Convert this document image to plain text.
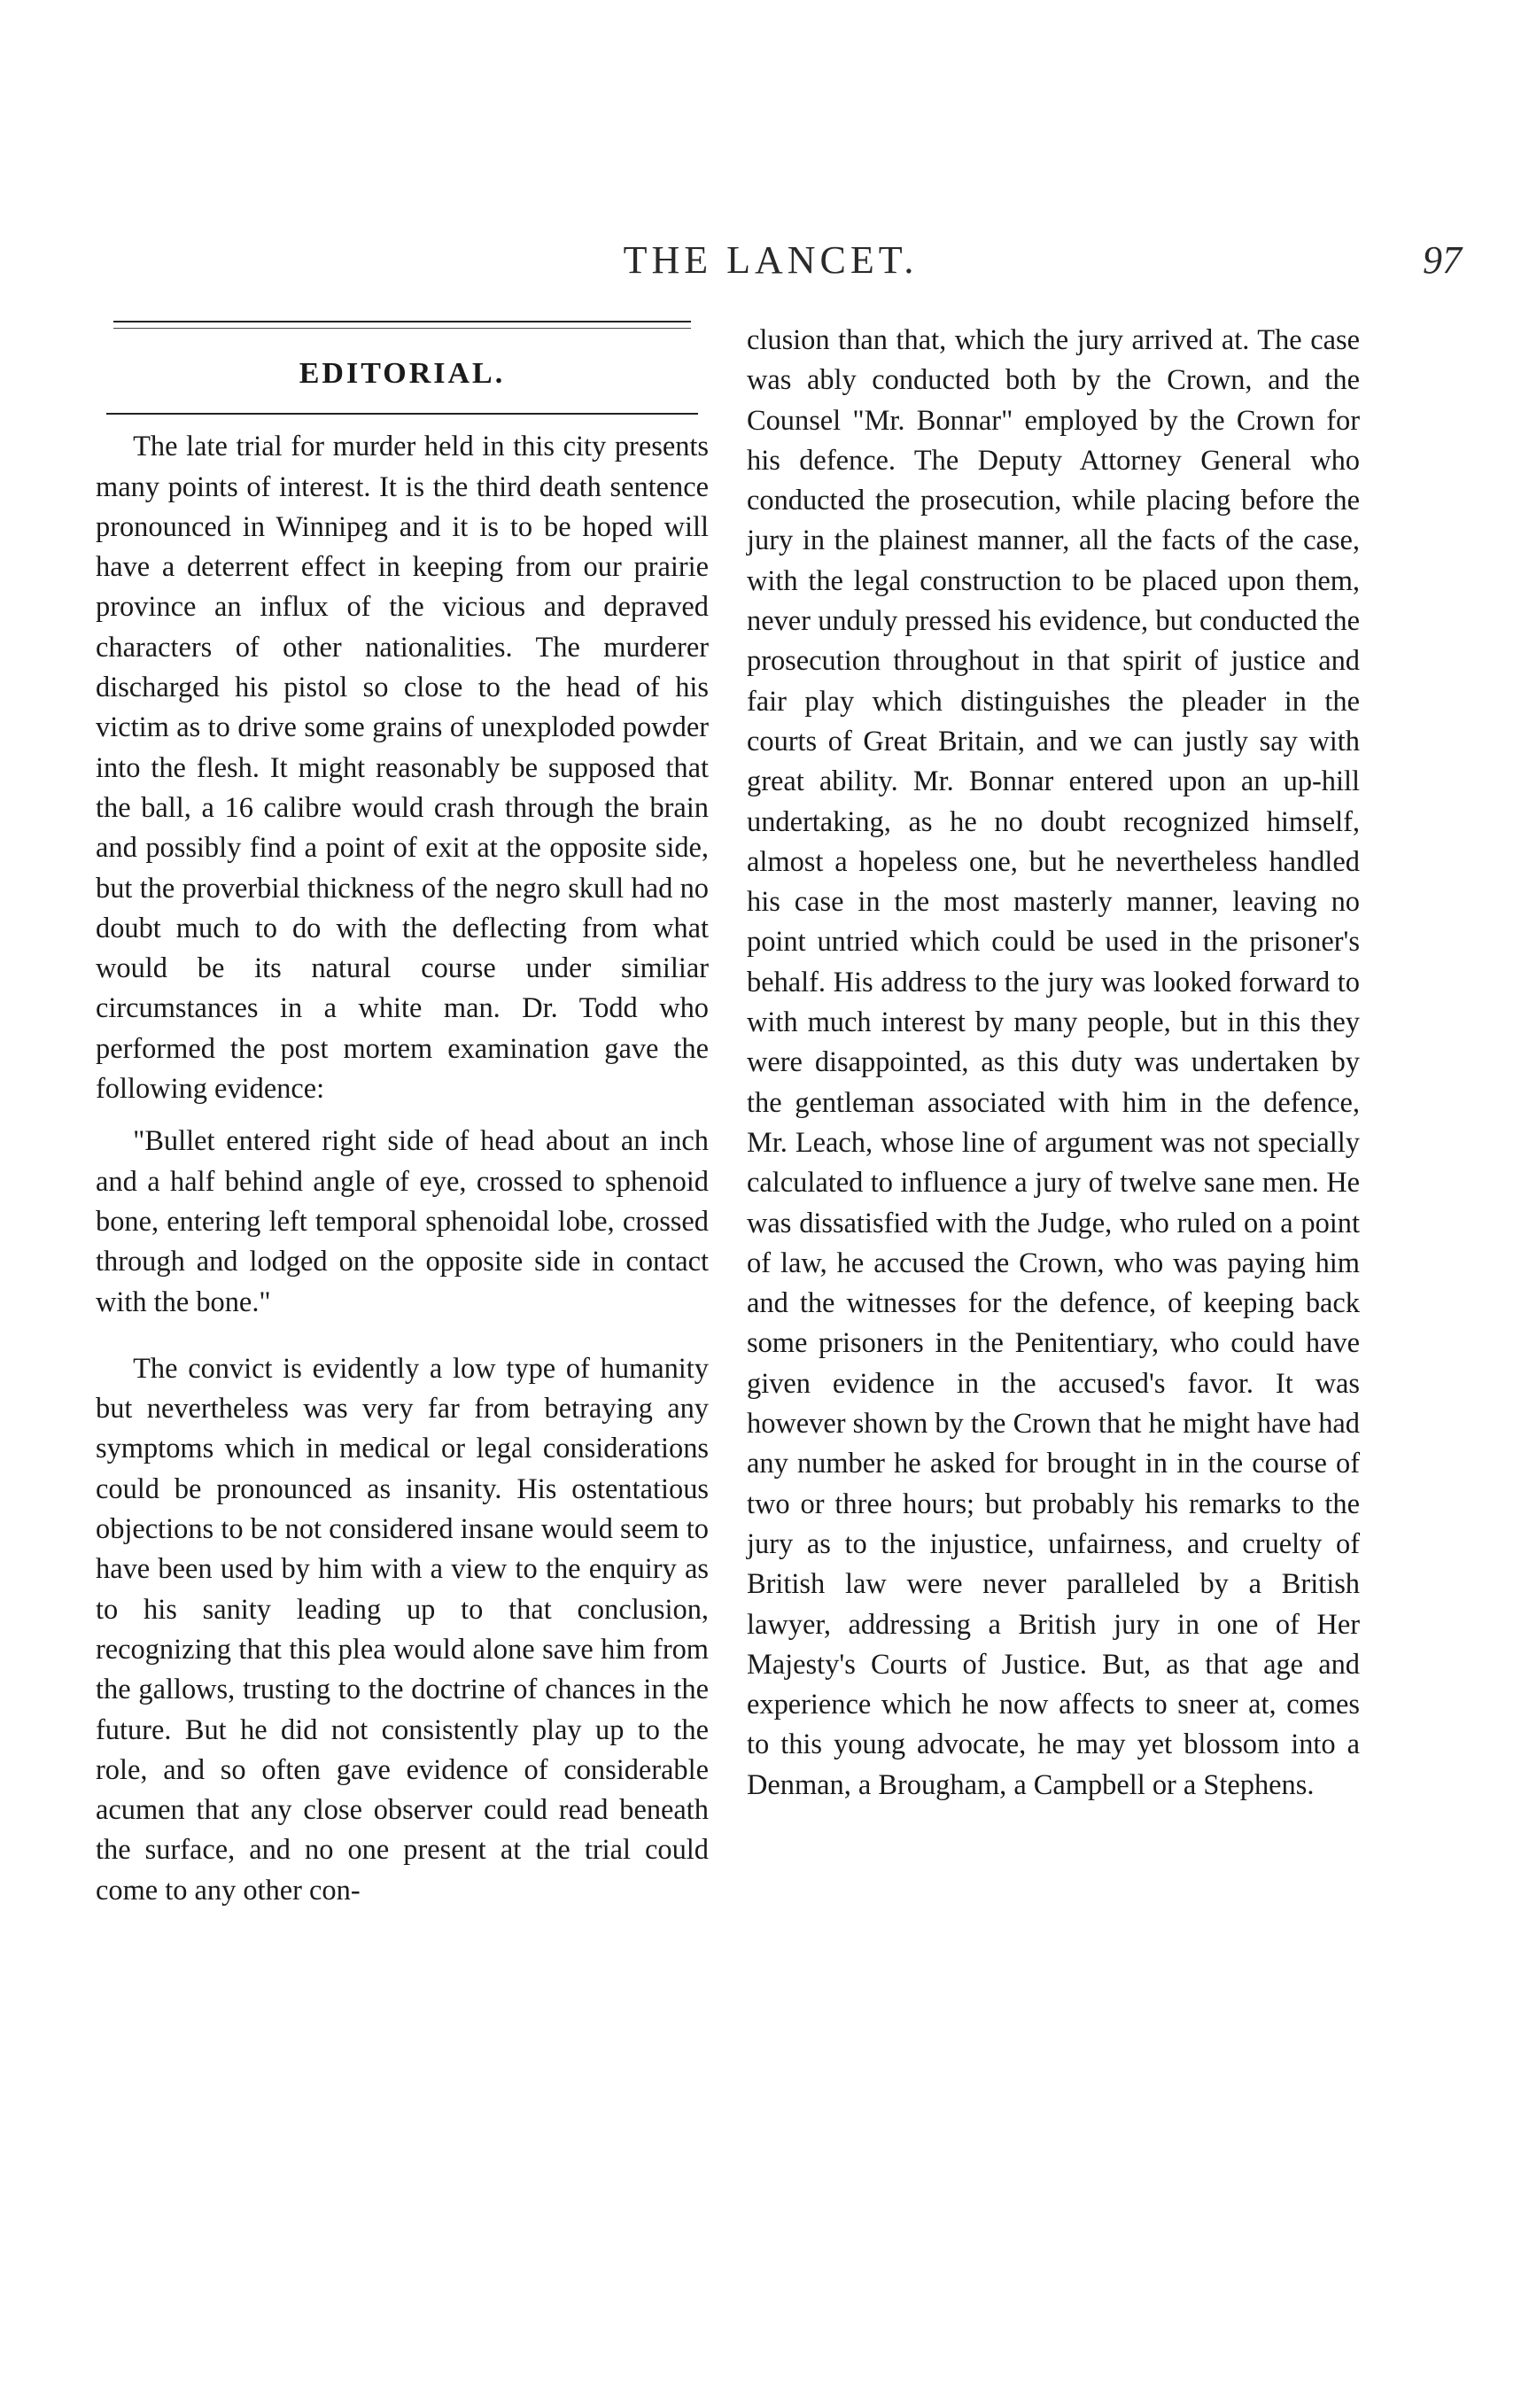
THE LANCET.	97
EDITORIAL.

The late trial for murder held in this city presents many points of interest. It is the third death sentence pronounced in Winnipeg and it is to be hoped will have a deterrent effect in keeping from our prairie province an influx of the vicious and depraved characters of other nationalities. The murderer discharged his pistol so close to the head of his victim as to drive some grains of unexploded powder into the flesh. It might reasonably be supposed that the ball, a 16 calibre would crash through the brain and possibly find a point of exit at the opposite side, but the proverbial thickness of the negro skull had no doubt much to do with the deflecting from what would be its natural course under similiar circumstances in a white man. Dr. Todd who performed the post mortem examination gave the following evidence:

"Bullet entered right side of head about an inch and a half behind angle of eye, crossed to sphenoid bone, entering left temporal sphenoidal lobe, crossed through and lodged on the opposite side in contact with the bone."

The convict is evidently a low type of humanity but nevertheless was very far from betraying any symptoms which in medical or legal considerations could be pronounced as insanity. His ostentatious objections to be not considered insane would seem to have been used by him with a view to the enquiry as to his sanity leading up to that conclusion, recognizing that this plea would alone save him from the gallows, trusting to the doctrine of chances in the future. But he did not consistently play up to the role, and so often gave evidence of considerable acumen that any close observer could read beneath the surface, and no one present at the trial could come to any other con-

clusion than that, which the jury arrived at. The case was ably conducted both by the Crown, and the Counsel "Mr. Bonnar" employed by the Crown for his defence. The Deputy Attorney General who conducted the prosecution, while placing before the jury in the plainest manner, all the facts of the case, with the legal construction to be placed upon them, never unduly pressed his evidence, but conducted the prosecution throughout in that spirit of justice and fair play which distinguishes the pleader in the courts of Great Britain, and we can justly say with great ability. Mr. Bonnar entered upon an up-hill undertaking, as he no doubt recognized himself, almost a hopeless one, but he nevertheless handled his case in the most masterly manner, leaving no point untried which could be used in the prisoner's behalf. His address to the jury was looked forward to with much interest by many people, but in this they were disappointed, as this duty was undertaken by the gentleman associated with him in the defence, Mr. Leach, whose line of argument was not specially calculated to influence a jury of twelve sane men. He was dissatisfied with the Judge, who ruled on a point of law, he accused the Crown, who was paying him and the witnesses for the defence, of keeping back some prisoners in the Penitentiary, who could have given evidence in the accused's favor. It was however shown by the Crown that he might have had any number he asked for brought in in the course of two or three hours; but probably his remarks to the jury as to the injustice, unfairness, and cruelty of British law were never paralleled by a British lawyer, addressing a British jury in one of Her Majesty's Courts of Justice. But, as that age and experience which he now affects to sneer at, comes to this young advocate, he may yet blossom into a Denman, a Brougham, a Campbell or a Stephens.
